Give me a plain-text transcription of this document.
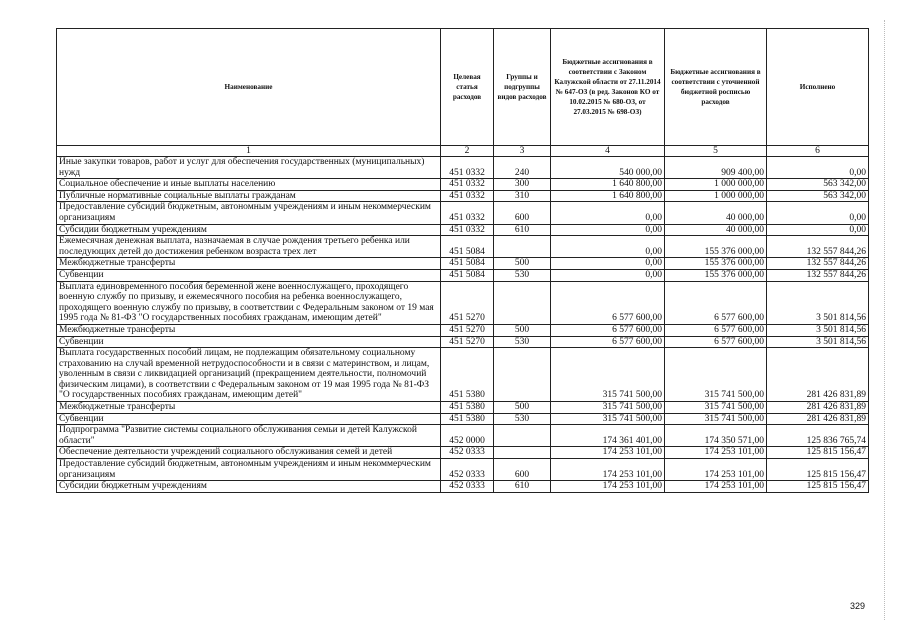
Наименование	Целевая статья расходов	Группы и подгруппы видов расходов	Бюджетные ассигнования в соответствии с Законом Калужской области от 27.11.2014 № 647-ОЗ (в ред. Законов КО от 10.02.2015 № 680-ОЗ, от 27.03.2015 № 698-ОЗ)	Бюджетные ассигнования в соответствии с уточненной бюджетной росписью расходов	Исполнено
1	2	3	4	5	6
Иные закупки товаров, работ и услуг для обеспечения государственных (муниципальных) нужд	451 0332	240	540 000,00	909 400,00	0,00
Социальное обеспечение и иные выплаты населению	451 0332	300	1 640 800,00	1 000 000,00	563 342,00
Публичные нормативные социальные выплаты гражданам	451 0332	310	1 640 800,00	1 000 000,00	563 342,00
Предоставление субсидий бюджетным, автономным учреждениям и иным некоммерческим организациям	451 0332	600	0,00	40 000,00	0,00
Субсидии бюджетным учреждениям	451 0332	610	0,00	40 000,00	0,00
Ежемесячная денежная выплата, назначаемая в случае рождения третьего ребенка или последующих детей до достижения ребенком возраста трех лет	451 5084		0,00	155 376 000,00	132 557 844,26
Межбюджетные трансферты	451 5084	500	0,00	155 376 000,00	132 557 844,26
Субвенции	451 5084	530	0,00	155 376 000,00	132 557 844,26
Выплата единовременного пособия беременной жене военнослужащего, проходящего военную службу по призыву, и ежемесячного пособия на ребенка военнослужащего, проходящего военную службу по призыву, в соответствии с Федеральным законом от 19 мая 1995 года № 81-ФЗ "О государственных пособиях гражданам, имеющим детей"	451 5270		6 577 600,00	6 577 600,00	3 501 814,56
Межбюджетные трансферты	451 5270	500	6 577 600,00	6 577 600,00	3 501 814,56
Субвенции	451 5270	530	6 577 600,00	6 577 600,00	3 501 814,56
Выплата государственных пособий лицам, не подлежащим обязательному социальному страхованию на случай временной нетрудоспособности и в связи с материнством, и лицам, уволенным в связи с ликвидацией организаций (прекращением деятельности, полномочий физическим лицами), в соответствии с Федеральным законом от 19 мая 1995 года № 81-ФЗ "О государственных пособиях гражданам, имеющим детей"	451 5380		315 741 500,00	315 741 500,00	281 426 831,89
Межбюджетные трансферты	451 5380	500	315 741 500,00	315 741 500,00	281 426 831,89
Субвенции	451 5380	530	315 741 500,00	315 741 500,00	281 426 831,89
Подпрограмма "Развитие системы социального обслуживания семьи и детей Калужской области"	452 0000		174 361 401,00	174 350 571,00	125 836 765,74
Обеспечение деятельности учреждений социального обслуживания семей и детей	452 0333		174 253 101,00	174 253 101,00	125 815 156,47
Предоставление субсидий бюджетным, автономным учреждениям и иным некоммерческим организациям	452 0333	600	174 253 101,00	174 253 101,00	125 815 156,47
Субсидии бюджетным учреждениям	452 0333	610	174 253 101,00	174 253 101,00	125 815 156,47
329
